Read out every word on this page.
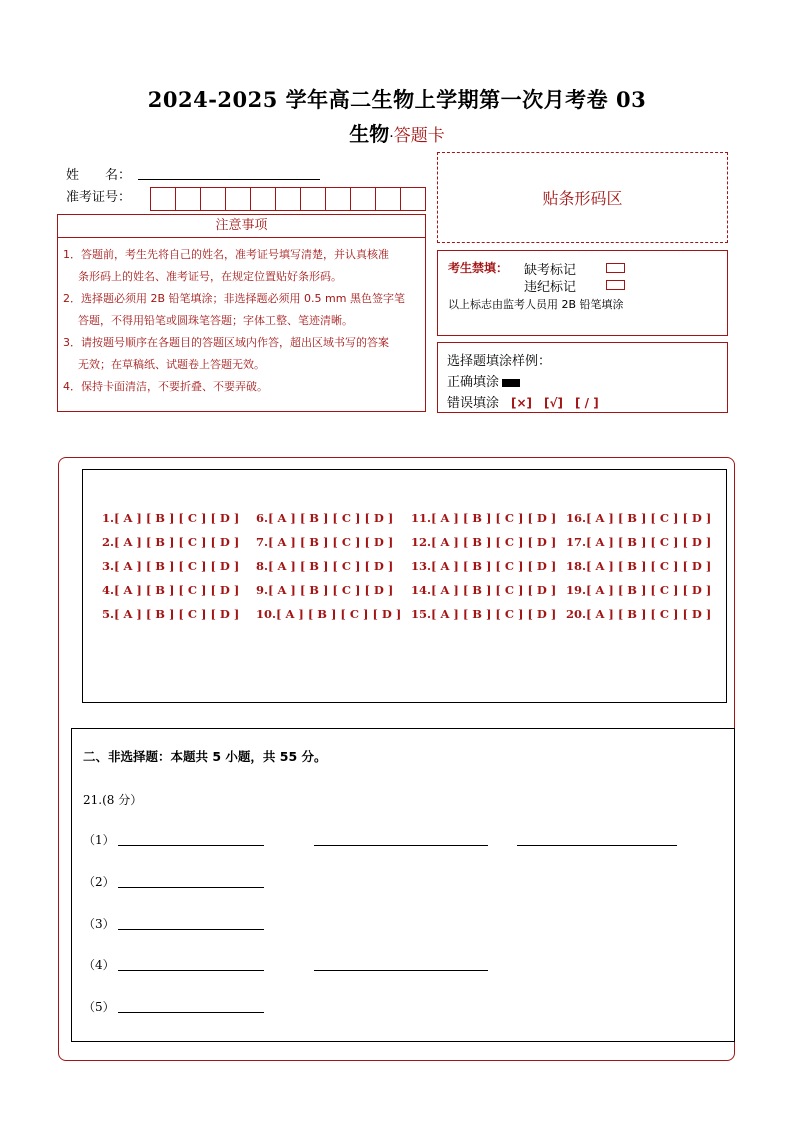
2024-2025 学年高二生物上学期第一次月考卷 03
生物·答题卡
姓　　名：
准考证号：
注意事项
1．答题前，考生先将自己的姓名，准考证号填写清楚，并认真核准
条形码上的姓名、准考证号，在规定位置贴好条形码。
2．选择题必须用 2B 铅笔填涂；非选择题必须用 0.5 mm 黑色签字笔
答题，不得用铅笔或圆珠笔答题；字体工整、笔迹清晰。
3．请按题号顺序在各题目的答题区域内作答，超出区域书写的答案
无效；在草稿纸、试题卷上答题无效。
4．保持卡面清洁，不要折叠、不要弄破。
贴条形码区
考生禁填： 缺考标记
违纪标记
以上标志由监考人员用 2B 铅笔填涂
选择题填涂样例：
正确填涂
错误填涂 [×]　[√]　[ / ]
1.[ A ] [ B ] [ C ] [ D ]
2.[ A ] [ B ] [ C ] [ D ]
3.[ A ] [ B ] [ C ] [ D ]
4.[ A ] [ B ] [ C ] [ D ]
5.[ A ] [ B ] [ C ] [ D ]
6.[ A ] [ B ] [ C ] [ D ]
7.[ A ] [ B ] [ C ] [ D ]
8.[ A ] [ B ] [ C ] [ D ]
9.[ A ] [ B ] [ C ] [ D ]
10.[ A ] [ B ] [ C ] [ D ]
11.[ A ] [ B ] [ C ] [ D ]
12.[ A ] [ B ] [ C ] [ D ]
13.[ A ] [ B ] [ C ] [ D ]
14.[ A ] [ B ] [ C ] [ D ]
15.[ A ] [ B ] [ C ] [ D ]
16.[ A ] [ B ] [ C ] [ D ]
17.[ A ] [ B ] [ C ] [ D ]
18.[ A ] [ B ] [ C ] [ D ]
19.[ A ] [ B ] [ C ] [ D ]
20.[ A ] [ B ] [ C ] [ D ]
二、非选择题：本题共 5 小题，共 55 分。
21.(8 分）
（1）
（2）
（3）
（4）
（5）
